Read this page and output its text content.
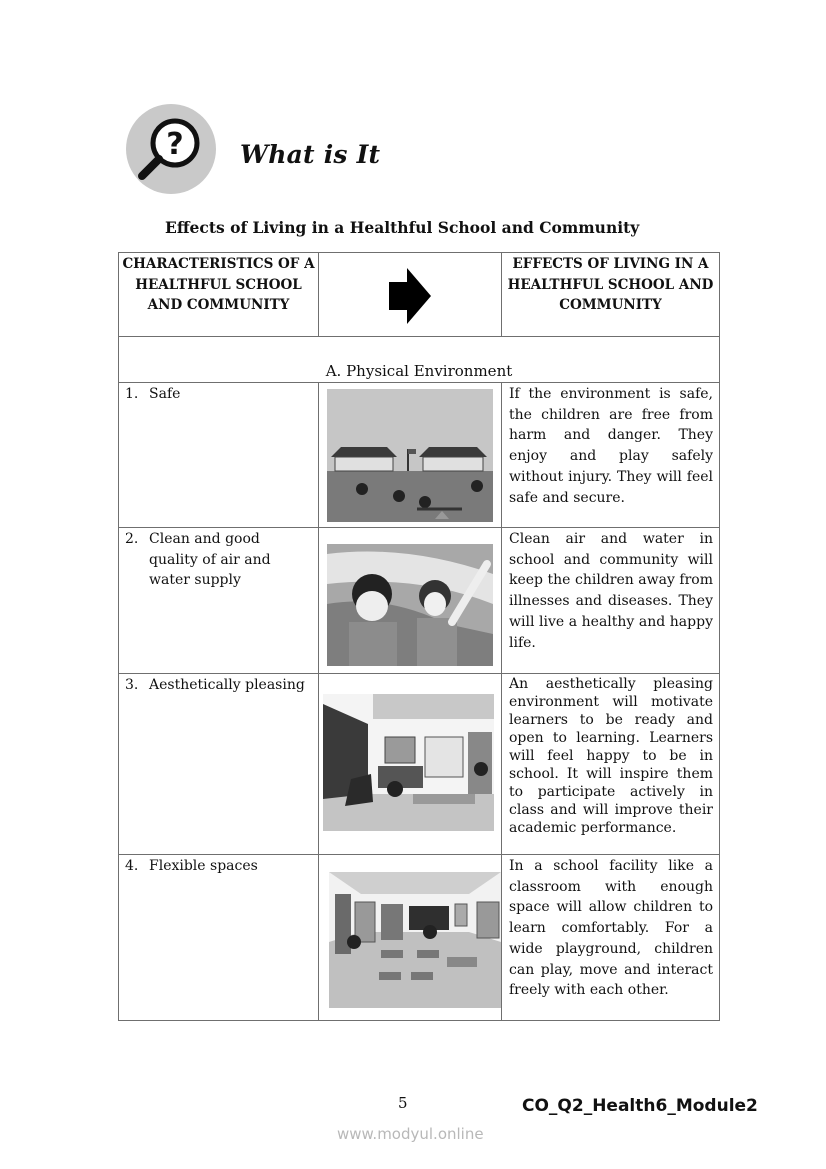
? What is It
Effects of Living in a Healthful School and Community
CHARACTERISTICS OF A HEALTHFUL SCHOOL AND COMMUNITY		EFFECTS OF LIVING IN A HEALTHFUL SCHOOL AND COMMUNITY
A. Physical Environment		
1. Safe		If the environment is safe, the children are free from harm and danger. They enjoy and play safely without injury. They will feel safe and secure.
2. Clean and good quality of air and water supply		Clean air and water in school and community will keep the children away from illnesses and diseases. They will live a healthy and happy life.
3. Aesthetically pleasing		An aesthetically pleasing environment will motivate learners to be ready and open to learning. Learners will feel happy to be in school. It will inspire them to participate actively in class and will improve their academic performance.
4. Flexible spaces		In a school facility like a classroom with enough space will allow children to learn comfortably. For a wide playground, children can play, move and interact freely with each other.
5	CO_Q2_Health6_Module2
www.modyul.online
